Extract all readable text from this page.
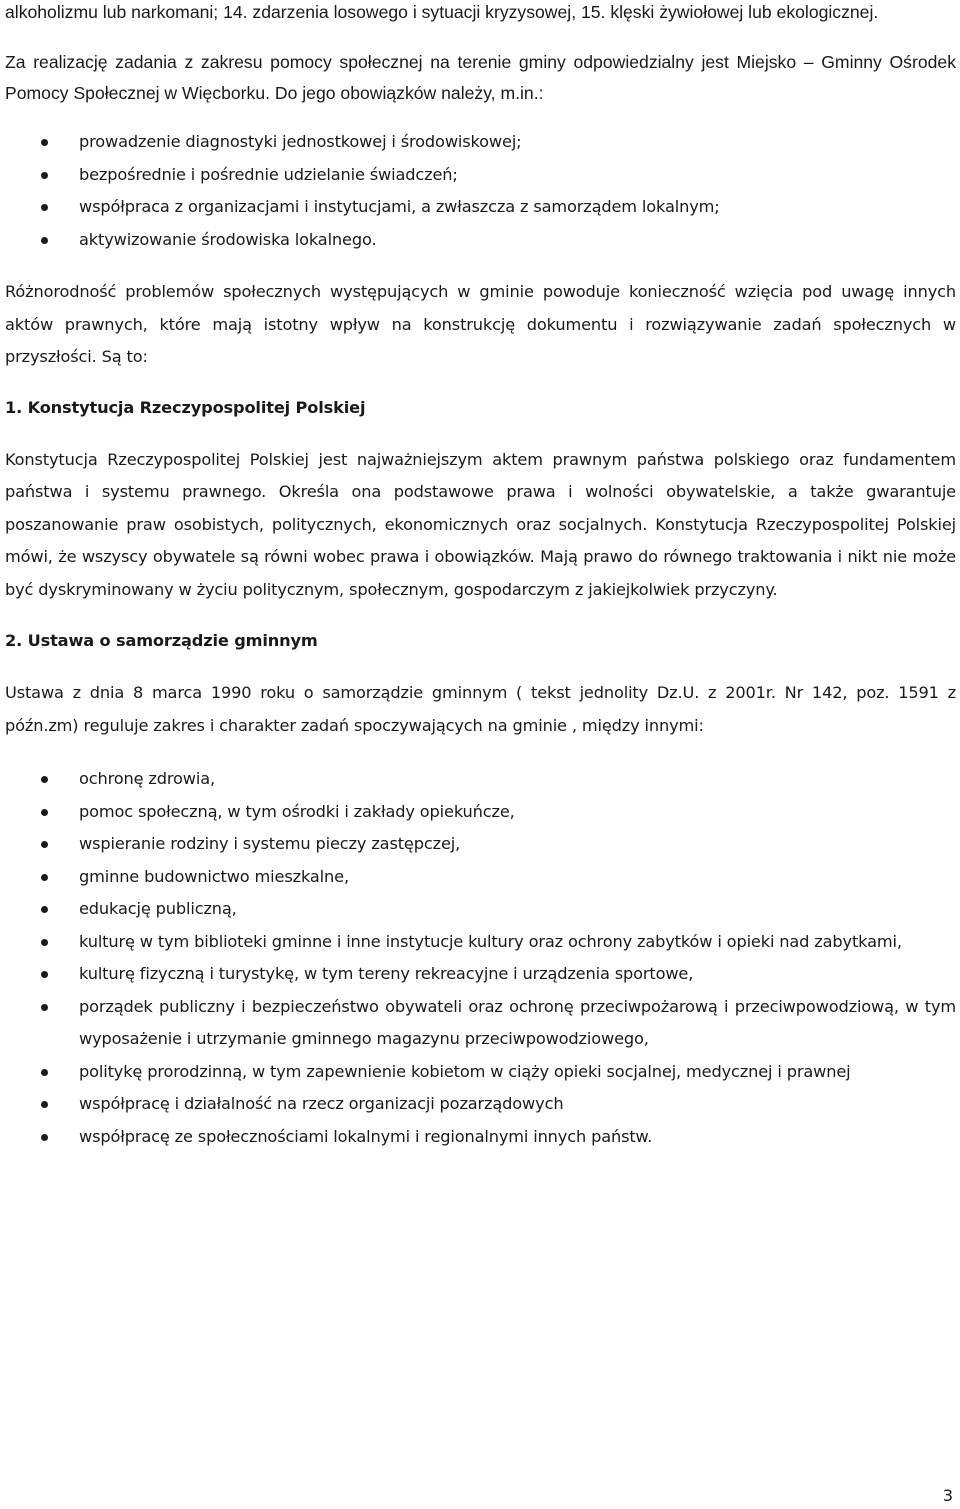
alkoholizmu lub narkomani; 14. zdarzenia losowego i sytuacji kryzysowej, 15. klęski żywiołowej lub ekologicznej.

Za realizację zadania z zakresu pomocy społecznej na terenie gminy odpowiedzialny jest Miejsko – Gminny Ośrodek Pomocy Społecznej w Więcborku. Do jego obowiązków należy, m.in.:

prowadzenie diagnostyki jednostkowej i środowiskowej;
bezpośrednie i pośrednie udzielanie świadczeń;
współpraca z organizacjami i instytucjami, a zwłaszcza z samorządem lokalnym;
aktywizowanie środowiska lokalnego.

Różnorodność problemów społecznych występujących w gminie powoduje konieczność wzięcia pod uwagę innych aktów prawnych, które mają istotny wpływ na konstrukcję dokumentu i rozwiązywanie zadań społecznych w przyszłości. Są to:

1. Konstytucja Rzeczypospolitej Polskiej

Konstytucja Rzeczypospolitej Polskiej jest najważniejszym aktem prawnym państwa polskiego oraz fundamentem państwa i systemu prawnego. Określa ona podstawowe prawa i wolności obywatelskie, a także gwarantuje poszanowanie praw osobistych, politycznych, ekonomicznych oraz socjalnych. Konstytucja Rzeczypospolitej Polskiej mówi, że wszyscy obywatele są równi wobec prawa i obowiązków. Mają prawo do równego traktowania i nikt nie może być dyskryminowany w życiu politycznym, społecznym, gospodarczym z jakiejkolwiek przyczyny.

2. Ustawa o samorządzie gminnym

Ustawa z dnia 8 marca 1990 roku o samorządzie gminnym ( tekst jednolity Dz.U. z 2001r. Nr 142, poz. 1591 z późn.zm) reguluje zakres i charakter zadań spoczywających na gminie , między innymi:

ochronę zdrowia,
pomoc społeczną, w tym ośrodki i zakłady opiekuńcze,
wspieranie rodziny i systemu pieczy zastępczej,
gminne budownictwo mieszkalne,
edukację publiczną,
kulturę w tym biblioteki gminne i inne instytucje kultury oraz ochrony zabytków i opieki nad zabytkami,
kulturę fizyczną i turystykę, w tym tereny rekreacyjne i urządzenia sportowe,
porządek publiczny i bezpieczeństwo obywateli oraz ochronę przeciwpożarową i przeciwpowodziową, w tym wyposażenie i utrzymanie gminnego magazynu przeciwpowodziowego,
politykę prorodzinną, w tym zapewnienie kobietom w ciąży opieki socjalnej, medycznej i prawnej
współpracę i działalność na rzecz organizacji pozarządowych
współpracę ze społecznościami lokalnymi i regionalnymi innych państw.
3
